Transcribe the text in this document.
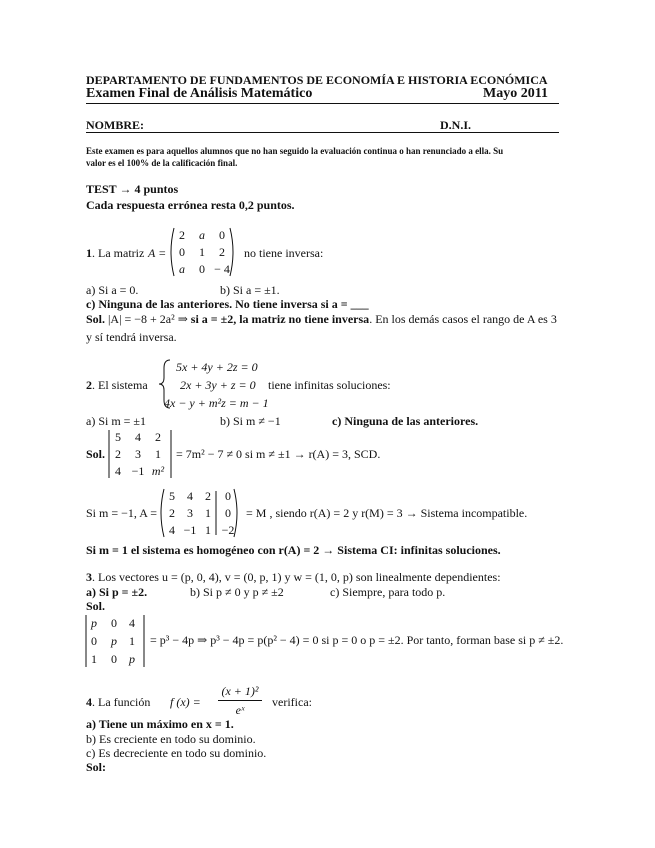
DEPARTAMENTO DE FUNDAMENTOS DE ECONOMÍA E HISTORIA ECONÓMICA
Examen Final de Análisis Matemático	Mayo 2011
NOMBRE:	D.N.I.
Este examen es para aquellos alumnos que no han seguido la evaluación continua o han renunciado a ella. Su
valor es el 100% de la calificación final.
TEST → 4 puntos
Cada respuesta errónea resta 0,2 puntos.
1. La matriz A =
2	a	0
0	1	2
a	0 − 4
no tiene inversa:
a) Si a = 0.	b) Si a = ±1.
c) Ninguna de las anteriores. No tiene inversa si a = ___
Sol. |A| = −8 + 2a² ⇒ si a = ±2, la matriz no tiene inversa. En los demás casos el rango de A es 3
y sí tendrá inversa.
2. El sistema
5x + 4y + 2z = 0
2x + 3y + z = 0
4x − y + m²z = m − 1
tiene infinitas soluciones:
a) Si m = ±1	b) Si m ≠ −1	c) Ninguna de las anteriores.
Sol.
5	4	2
2	3	1
4 −1 m²
= 7m² − 7 ≠ 0 si m ≠ ±1 → r(A) = 3, SCD.
Si m = −1, A =
5	4	2	0
2	3	1	0
4 −1 1 −2
= M , siendo r(A) = 2 y r(M) = 3 → Sistema incompatible.
Si m = 1 el sistema es homogéneo con r(A) = 2 → Sistema CI: infinitas soluciones.
3. Los vectores u = (p, 0, 4), v = (0, p, 1) y w = (1, 0, p) son linealmente dependientes:
a) Si p = ±2.	b) Si p ≠ 0 y p ≠ ±2	c) Siempre, para todo p.
Sol.
p	0	4
0	p	1
1	0	p
= p³ − 4p ⇒ p³ − 4p = p(p² − 4) = 0 si p = 0 o p = ±2. Por tanto, forman base si p ≠ ±2.
4. La función f (x) =
(x + 1)²
eˣ
verifica:
a) Tiene un máximo en x = 1.
b) Es creciente en todo su dominio.
c) Es decreciente en todo su dominio.
Sol:
